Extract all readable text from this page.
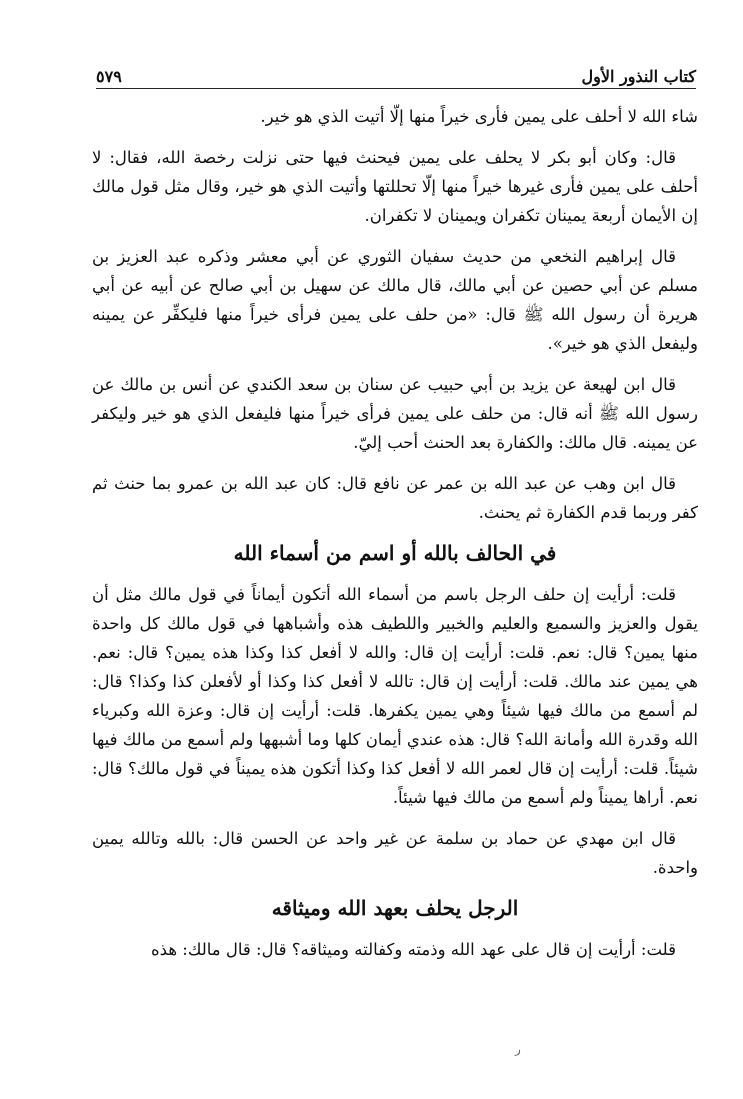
كتاب النذور الأول
٥٧٩

شاء الله لا أحلف على يمين فأرى خيراً منها إلّا أتيت الذي هو خير.

قال: وكان أبو بكر لا يحلف على يمين فيحنث فيها حتى نزلت رخصة الله، فقال: لا أحلف على يمين فأرى غيرها خيراً منها إلّا تحللتها وأتيت الذي هو خير، وقال مثل قول مالك إن الأيمان أربعة يمينان تكفران ويمينان لا تكفران.

قال إبراهيم النخعي من حديث سفيان الثوري عن أبي معشر وذكره عبد العزيز بن مسلم عن أبي حصين عن أبي مالك، قال مالك عن سهيل بن أبي صالح عن أبيه عن أبي هريرة أن رسول الله ﷺ قال: «من حلف على يمين فرأى خيراً منها فليكفِّر عن يمينه وليفعل الذي هو خير».

قال ابن لهيعة عن يزيد بن أبي حبيب عن سنان بن سعد الكندي عن أنس بن مالك عن رسول الله ﷺ أنه قال: من حلف على يمين فرأى خيراً منها فليفعل الذي هو خير وليكفر عن يمينه. قال مالك: والكفارة بعد الحنث أحب إليّ.

قال ابن وهب عن عبد الله بن عمر عن نافع قال: كان عبد الله بن عمرو بما حنث ثم كفر وربما قدم الكفارة ثم يحنث.

في الحالف بالله أو اسم من أسماء الله

قلت: أرأيت إن حلف الرجل باسم من أسماء الله أتكون أيماناً في قول مالك مثل أن يقول والعزيز والسميع والعليم والخبير واللطيف هذه وأشباهها في قول مالك كل واحدة منها يمين؟ قال: نعم. قلت: أرأيت إن قال: والله لا أفعل كذا وكذا هذه يمين؟ قال: نعم. هي يمين عند مالك. قلت: أرأيت إن قال: تالله لا أفعل كذا وكذا أو لأفعلن كذا وكذا؟ قال: لم أسمع من مالك فيها شيئاً وهي يمين يكفرها. قلت: أرأيت إن قال: وعزة الله وكبرياء الله وقدرة الله وأمانة الله؟ قال: هذه عندي أيمان كلها وما أشبهها ولم أسمع من مالك فيها شيئاً. قلت: أرأيت إن قال لعمر الله لا أفعل كذا وكذا أتكون هذه يميناً في قول مالك؟ قال: نعم. أراها يميناً ولم أسمع من مالك فيها شيئاً.

قال ابن مهدي عن حماد بن سلمة عن غير واحد عن الحسن قال: بالله وتالله يمين واحدة.

الرجل يحلف بعهد الله وميثاقه

قلت: أرأيت إن قال على عهد الله وذمته وكفالته وميثاقه؟ قال: قال مالك: هذه

ر
